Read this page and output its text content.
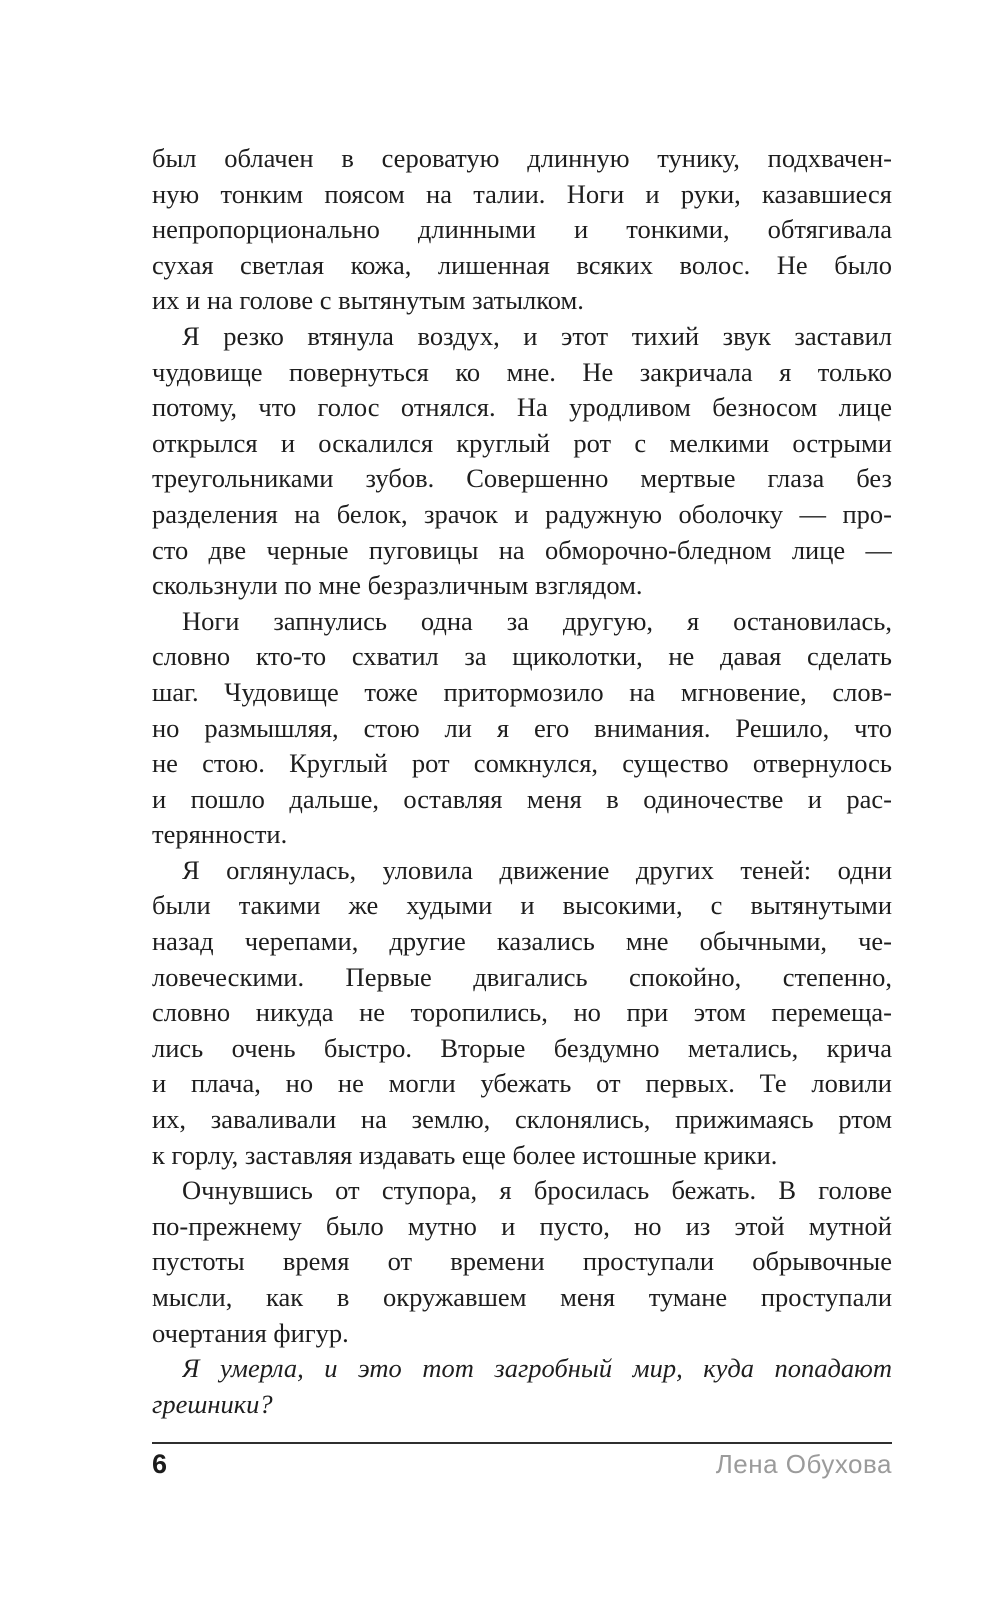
был облачен в сероватую длинную тунику, подхвачен-
ную тонким поясом на талии. Ноги и руки, казавшиеся
непропорционально длинными и тонкими, обтягивала
сухая светлая кожа, лишенная всяких волос. Не было
их и на голове с вытянутым затылком.
Я резко втянула воздух, и этот тихий звук заставил
чудовище повернуться ко мне. Не закричала я только
потому, что голос отнялся. На уродливом безносом лице
открылся и оскалился круглый рот с мелкими острыми
треугольниками зубов. Совершенно мертвые глаза без
разделения на белок, зрачок и радужную оболочку — про-
сто две черные пуговицы на обморочно-бледном лице —
скользнули по мне безразличным взглядом.
Ноги запнулись одна за другую, я остановилась,
словно кто-то схватил за щиколотки, не давая сделать
шаг. Чудовище тоже притормозило на мгновение, слов-
но размышляя, стою ли я его внимания. Решило, что
не стою. Круглый рот сомкнулся, существо отвернулось
и пошло дальше, оставляя меня в одиночестве и рас-
терянности.
Я оглянулась, уловила движение других теней: одни
были такими же худыми и высокими, с вытянутыми
назад черепами, другие казались мне обычными, че-
ловеческими. Первые двигались спокойно, степенно,
словно никуда не торопились, но при этом перемеща-
лись очень быстро. Вторые бездумно метались, крича
и плача, но не могли убежать от первых. Те ловили
их, заваливали на землю, склонялись, прижимаясь ртом
к горлу, заставляя издавать еще более истошные крики.
Очнувшись от ступора, я бросилась бежать. В голове
по-прежнему было мутно и пусто, но из этой мутной
пустоты время от времени проступали обрывочные
мысли, как в окружавшем меня тумане проступали
очертания фигур.
Я умерла, и это тот загробный мир, куда попадают
грешники?
6	Лена Обухова
